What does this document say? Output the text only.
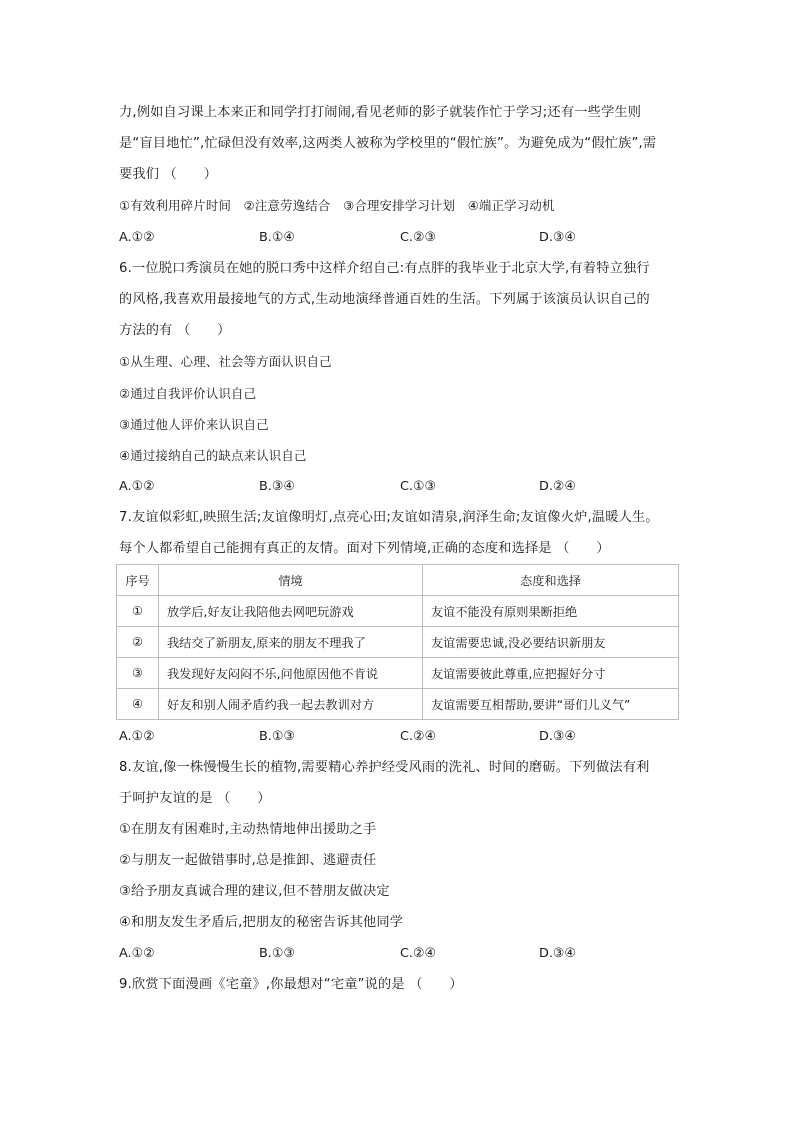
力,例如自习课上本来正和同学打打闹闹,看见老师的影子就装作忙于学习;还有一些学生则
是“盲目地忙”,忙碌但没有效率,这两类人被称为学校里的“假忙族”。为避免成为“假忙族”,需
要我们 （　　）
①有效利用碎片时间　②注意劳逸结合　③合理安排学习计划　④端正学习动机
A.①②	B.①④	C.②③	D.③④
6.一位脱口秀演员在她的脱口秀中这样介绍自己:有点胖的我毕业于北京大学,有着特立独行
的风格,我喜欢用最接地气的方式,生动地演绎普通百姓的生活。下列属于该演员认识自己的
方法的有 （　　）
①从生理、心理、社会等方面认识自己
②通过自我评价认识自己
③通过他人评价来认识自己
④通过接纳自己的缺点来认识自己
A.①②	B.③④	C.①③	D.②④
7.友谊似彩虹,映照生活;友谊像明灯,点亮心田;友谊如清泉,润泽生命;友谊像火炉,温暖人生。
每个人都希望自己能拥有真正的友情。面对下列情境,正确的态度和选择是 （　　）
序号	情境	态度和选择
①	放学后,好友让我陪他去网吧玩游戏	友谊不能没有原则果断拒绝
②	我结交了新朋友,原来的朋友不理我了	友谊需要忠诚,没必要结识新朋友
③	我发现好友闷闷不乐,问他原因他不肯说	友谊需要彼此尊重,应把握好分寸
④	好友和别人闹矛盾约我一起去教训对方	友谊需要互相帮助,要讲“哥们儿义气”
A.①②	B.①③	C.②④	D.③④
8.友谊,像一株慢慢生长的植物,需要精心养护经受风雨的洗礼、时间的磨砺。下列做法有利
于呵护友谊的是 （　　）
①在朋友有困难时,主动热情地伸出援助之手
②与朋友一起做错事时,总是推卸、逃避责任
③给予朋友真诚合理的建议,但不替朋友做决定
④和朋友发生矛盾后,把朋友的秘密告诉其他同学
A.①②	B.①③	C.②④	D.③④
9.欣赏下面漫画《宅童》,你最想对“宅童”说的是 （　　）
